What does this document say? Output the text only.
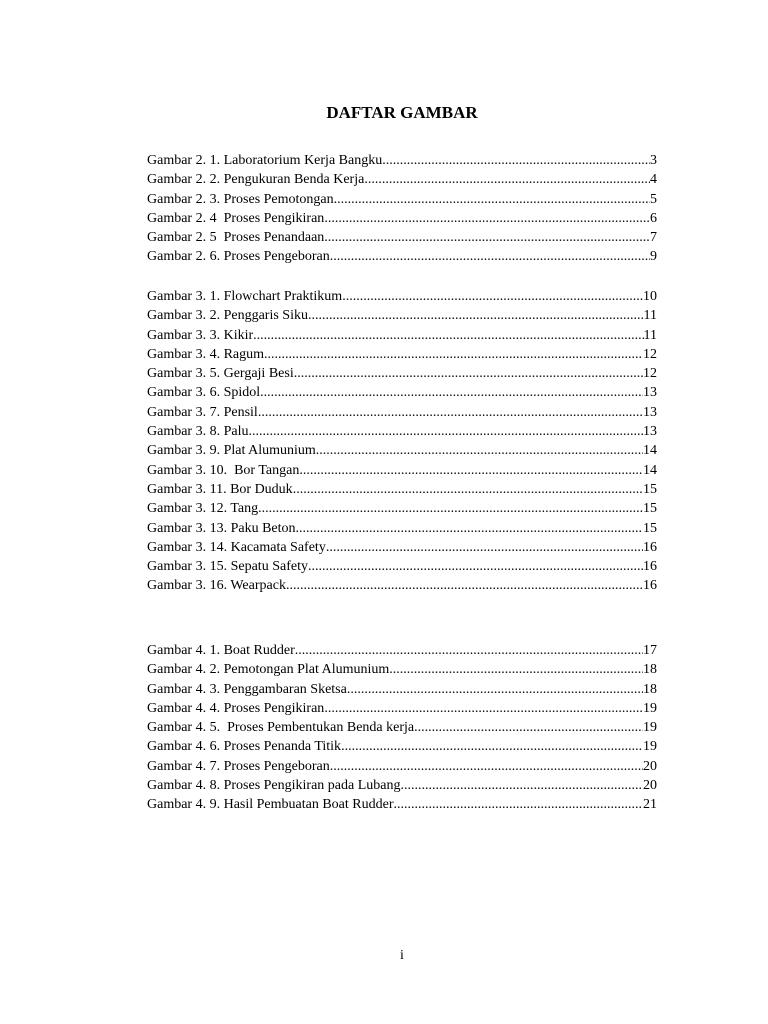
DAFTAR GAMBAR
Gambar 2. 1. Laboratorium Kerja Bangku .....	3
Gambar 2. 2. Pengukuran Benda Kerja .....	4
Gambar 2. 3. Proses Pemotongan .....	5
Gambar 2. 4  Proses Pengikiran .....	6
Gambar 2. 5  Proses Penandaan .....	7
Gambar 2. 6. Proses Pengeboran .....	9
Gambar 3. 1. Flowchart Praktikum .....	10
Gambar 3. 2. Penggaris Siku .....	11
Gambar 3. 3. Kikir .....	11
Gambar 3. 4. Ragum .....	12
Gambar 3. 5. Gergaji Besi .....	12
Gambar 3. 6. Spidol .....	13
Gambar 3. 7. Pensil .....	13
Gambar 3. 8. Palu .....	13
Gambar 3. 9. Plat Alumunium .....	14
Gambar 3. 10.  Bor Tangan .....	14
Gambar 3. 11. Bor Duduk .....	15
Gambar 3. 12. Tang .....	15
Gambar 3. 13. Paku Beton .....	15
Gambar 3. 14. Kacamata Safety .....	16
Gambar 3. 15. Sepatu Safety .....	16
Gambar 3. 16. Wearpack .....	16
Gambar 4. 1. Boat Rudder .....	17
Gambar 4. 2. Pemotongan Plat Alumunium .....	18
Gambar 4. 3. Penggambaran Sketsa .....	18
Gambar 4. 4. Proses Pengikiran .....	19
Gambar 4. 5.  Proses Pembentukan Benda kerja .....	19
Gambar 4. 6. Proses Penanda Titik .....	19
Gambar 4. 7. Proses Pengeboran .....	20
Gambar 4. 8. Proses Pengikiran pada Lubang .....	20
Gambar 4. 9. Hasil Pembuatan Boat Rudder .....	21
i
